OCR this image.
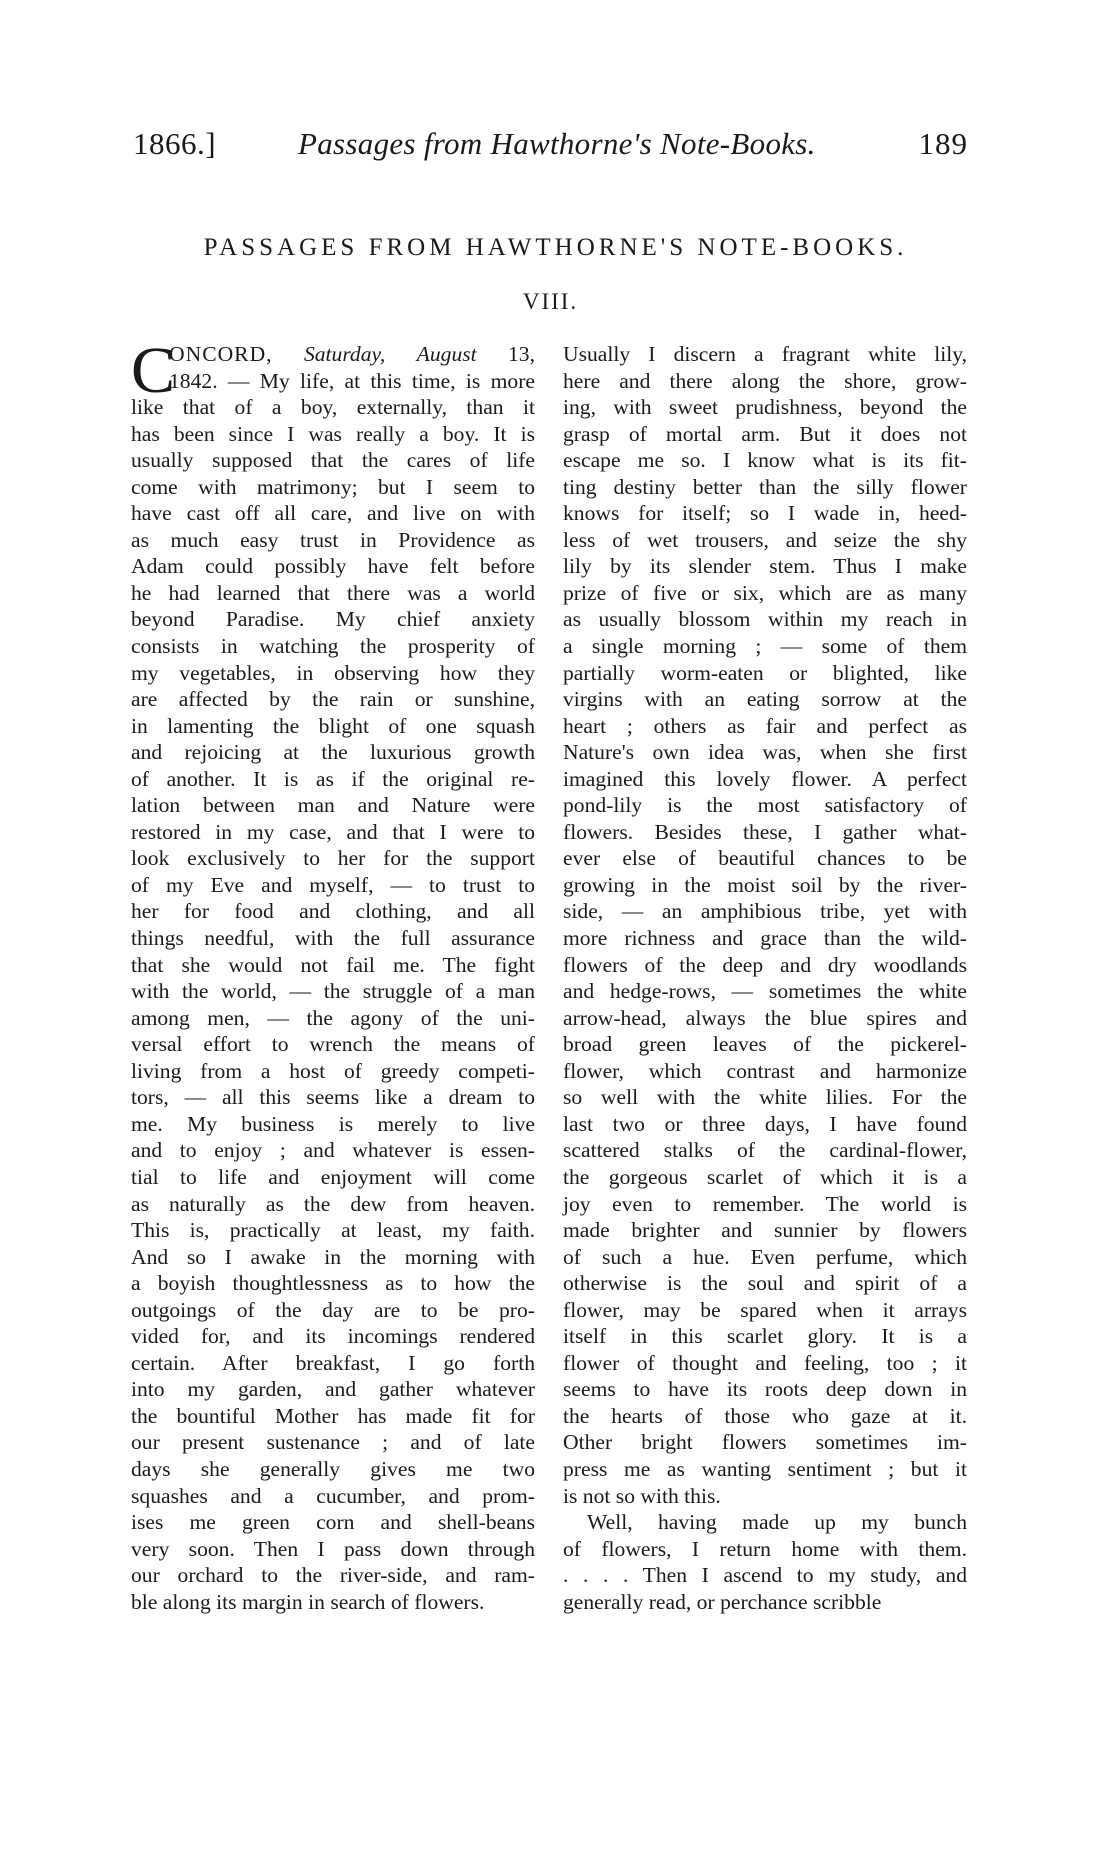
1866.]	Passages from Hawthorne's Note-Books.	189
PASSAGES FROM HAWTHORNE'S NOTE-BOOKS.
VIII.
C
ONCORD, Saturday, August 13,
1842. — My life, at this time, is more
like that of a boy, externally, than it
has been since I was really a boy. It is
usually supposed that the cares of life
come with matrimony; but I seem to
have cast off all care, and live on with
as much easy trust in Providence as
Adam could possibly have felt before
he had learned that there was a world
beyond Paradise. My chief anxiety
consists in watching the prosperity of
my vegetables, in observing how they
are affected by the rain or sunshine,
in lamenting the blight of one squash
and rejoicing at the luxurious growth
of another. It is as if the original re-
lation between man and Nature were
restored in my case, and that I were to
look exclusively to her for the support
of my Eve and myself, — to trust to
her for food and clothing, and all
things needful, with the full assurance
that she would not fail me. The fight
with the world, — the struggle of a man
among men, — the agony of the uni-
versal effort to wrench the means of
living from a host of greedy competi-
tors, — all this seems like a dream to
me. My business is merely to live
and to enjoy ; and whatever is essen-
tial to life and enjoyment will come
as naturally as the dew from heaven.
This is, practically at least, my faith.
And so I awake in the morning with
a boyish thoughtlessness as to how the
outgoings of the day are to be pro-
vided for, and its incomings rendered
certain. After breakfast, I go forth
into my garden, and gather whatever
the bountiful Mother has made fit for
our present sustenance ; and of late
days she generally gives me two
squashes and a cucumber, and prom-
ises me green corn and shell-beans
very soon. Then I pass down through
our orchard to the river-side, and ram-
ble along its margin in search of flowers.
Usually I discern a fragrant white lily,
here and there along the shore, grow-
ing, with sweet prudishness, beyond the
grasp of mortal arm. But it does not
escape me so. I know what is its fit-
ting destiny better than the silly flower
knows for itself; so I wade in, heed-
less of wet trousers, and seize the shy
lily by its slender stem. Thus I make
prize of five or six, which are as many
as usually blossom within my reach in
a single morning ; — some of them
partially worm-eaten or blighted, like
virgins with an eating sorrow at the
heart ; others as fair and perfect as
Nature's own idea was, when she first
imagined this lovely flower. A perfect
pond-lily is the most satisfactory of
flowers. Besides these, I gather what-
ever else of beautiful chances to be
growing in the moist soil by the river-
side, — an amphibious tribe, yet with
more richness and grace than the wild-
flowers of the deep and dry woodlands
and hedge-rows, — sometimes the white
arrow-head, always the blue spires and
broad green leaves of the pickerel-
flower, which contrast and harmonize
so well with the white lilies. For the
last two or three days, I have found
scattered stalks of the cardinal-flower,
the gorgeous scarlet of which it is a
joy even to remember. The world is
made brighter and sunnier by flowers
of such a hue. Even perfume, which
otherwise is the soul and spirit of a
flower, may be spared when it arrays
itself in this scarlet glory. It is a
flower of thought and feeling, too ; it
seems to have its roots deep down in
the hearts of those who gaze at it.
Other bright flowers sometimes im-
press me as wanting sentiment ; but it
is not so with this.
Well, having made up my bunch
of flowers, I return home with them.
. . . . Then I ascend to my study, and
generally read, or perchance scribble
